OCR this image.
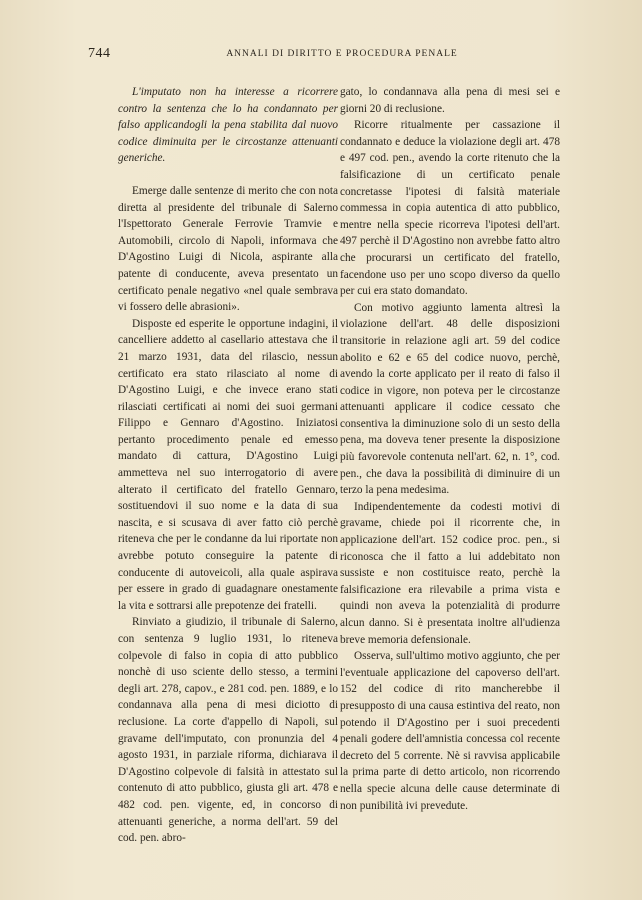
744	ANNALI DI DIRITTO E PROCEDURA PENALE

L'imputato non ha interesse a ricorrere contro la sentenza che lo ha condannato per falso applicandogli la pena stabilita dal nuovo codice diminuita per le circostanze attenuanti generiche.

Emerge dalle sentenze di merito che con nota diretta al presidente del tribunale di Salerno l'Ispettorato Generale Ferrovie Tramvie e Automobili, circolo di Napoli, informava che D'Agostino Luigi di Nicola, aspirante alla patente di conducente, aveva presentato un certificato penale negativo «nel quale sembrava vi fossero delle abrasioni».

Disposte ed esperite le opportune indagini, il cancelliere addetto al casellario attestava che il 21 marzo 1931, data del rilascio, nessun certificato era stato rilasciato al nome di D'Agostino Luigi, e che invece erano stati rilasciati certificati ai nomi dei suoi germani Filippo e Gennaro d'Agostino. Iniziatosi pertanto procedimento penale ed emesso mandato di cattura, D'Agostino Luigi ammetteva nel suo interrogatorio di avere alterato il certificato del fratello Gennaro, sostituendovi il suo nome e la data di sua nascita, e si scusava di aver fatto ciò perchè riteneva che per le condanne da lui riportate non avrebbe potuto conseguire la patente di conducente di autoveicoli, alla quale aspirava per essere in grado di guadagnare onestamente la vita e sottrarsi alle prepotenze dei fratelli.

Rinviato a giudizio, il tribunale di Salerno, con sentenza 9 luglio 1931, lo riteneva colpevole di falso in copia di atto pubblico nonchè di uso sciente dello stesso, a termini degli art. 278, capov., e 281 cod. pen. 1889, e lo condannava alla pena di mesi diciotto di reclusione. La corte d'appello di Napoli, sul gravame dell'imputato, con pronunzia del 4 agosto 1931, in parziale riforma, dichiarava il D'Agostino colpevole di falsità in attestato sul contenuto di atto pubblico, giusta gli art. 478 e 482 cod. pen. vigente, ed, in concorso di attenuanti generiche, a norma dell'art. 59 del cod. pen. abro-

gato, lo condannava alla pena di mesi sei e giorni 20 di reclusione.

Ricorre ritualmente per cassazione il condannato e deduce la violazione degli art. 478 e 497 cod. pen., avendo la corte ritenuto che la falsificazione di un certificato penale concretasse l'ipotesi di falsità materiale commessa in copia autentica di atto pubblico, mentre nella specie ricorreva l'ipotesi dell'art. 497 perchè il D'Agostino non avrebbe fatto altro che procurarsi un certificato del fratello, facendone uso per uno scopo diverso da quello per cui era stato domandato.

Con motivo aggiunto lamenta altresì la violazione dell'art. 48 delle disposizioni transitorie in relazione agli art. 59 del codice abolito e 62 e 65 del codice nuovo, perchè, avendo la corte applicato per il reato di falso il codice in vigore, non poteva per le circostanze attenuanti applicare il codice cessato che consentiva la diminuzione solo di un sesto della pena, ma doveva tener presente la disposizione più favorevole contenuta nell'art. 62, n. 1°, cod. pen., che dava la possibilità di diminuire di un terzo la pena medesima.

Indipendentemente da codesti motivi di gravame, chiede poi il ricorrente che, in applicazione dell'art. 152 codice proc. pen., si riconosca che il fatto a lui addebitato non sussiste e non costituisce reato, perchè la falsificazione era rilevabile a prima vista e quindi non aveva la potenzialità di produrre alcun danno. Si è presentata inoltre all'udienza breve memoria defensionale.

Osserva, sull'ultimo motivo aggiunto, che per l'eventuale applicazione del capoverso dell'art. 152 del codice di rito mancherebbe il presupposto di una causa estintiva del reato, non potendo il D'Agostino per i suoi precedenti penali godere dell'amnistia concessa col recente decreto del 5 corrente. Nè si ravvisa applicabile la prima parte di detto articolo, non ricorrendo nella specie alcuna delle cause determinate di non punibilità ivi prevedute.
